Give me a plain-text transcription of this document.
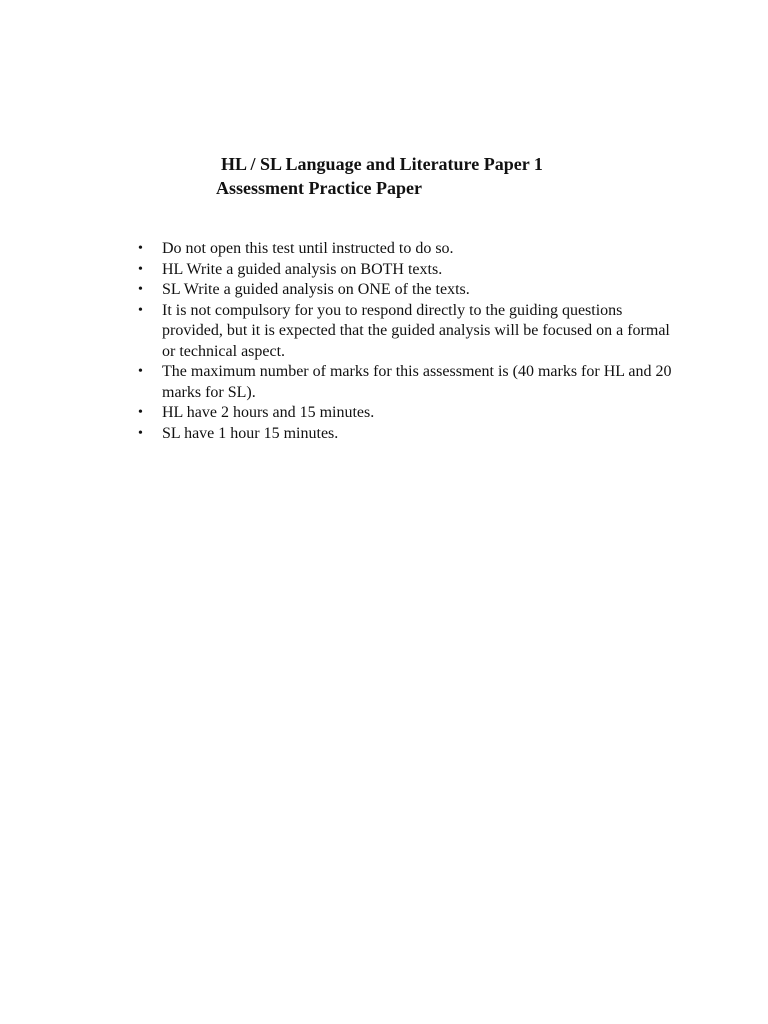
HL / SL Language and Literature Paper 1
Assessment Practice Paper
• Do not open this test until instructed to do so.
• HL Write a guided analysis on BOTH texts.
• SL Write a guided analysis on ONE of the texts.
• It is not compulsory for you to respond directly to the guiding questions provided, but it is expected that the guided analysis will be focused on a formal or technical aspect.
• The maximum number of marks for this assessment is (40 marks for HL and 20 marks for SL).
• HL have 2 hours and 15 minutes.
• SL have 1 hour 15 minutes.
